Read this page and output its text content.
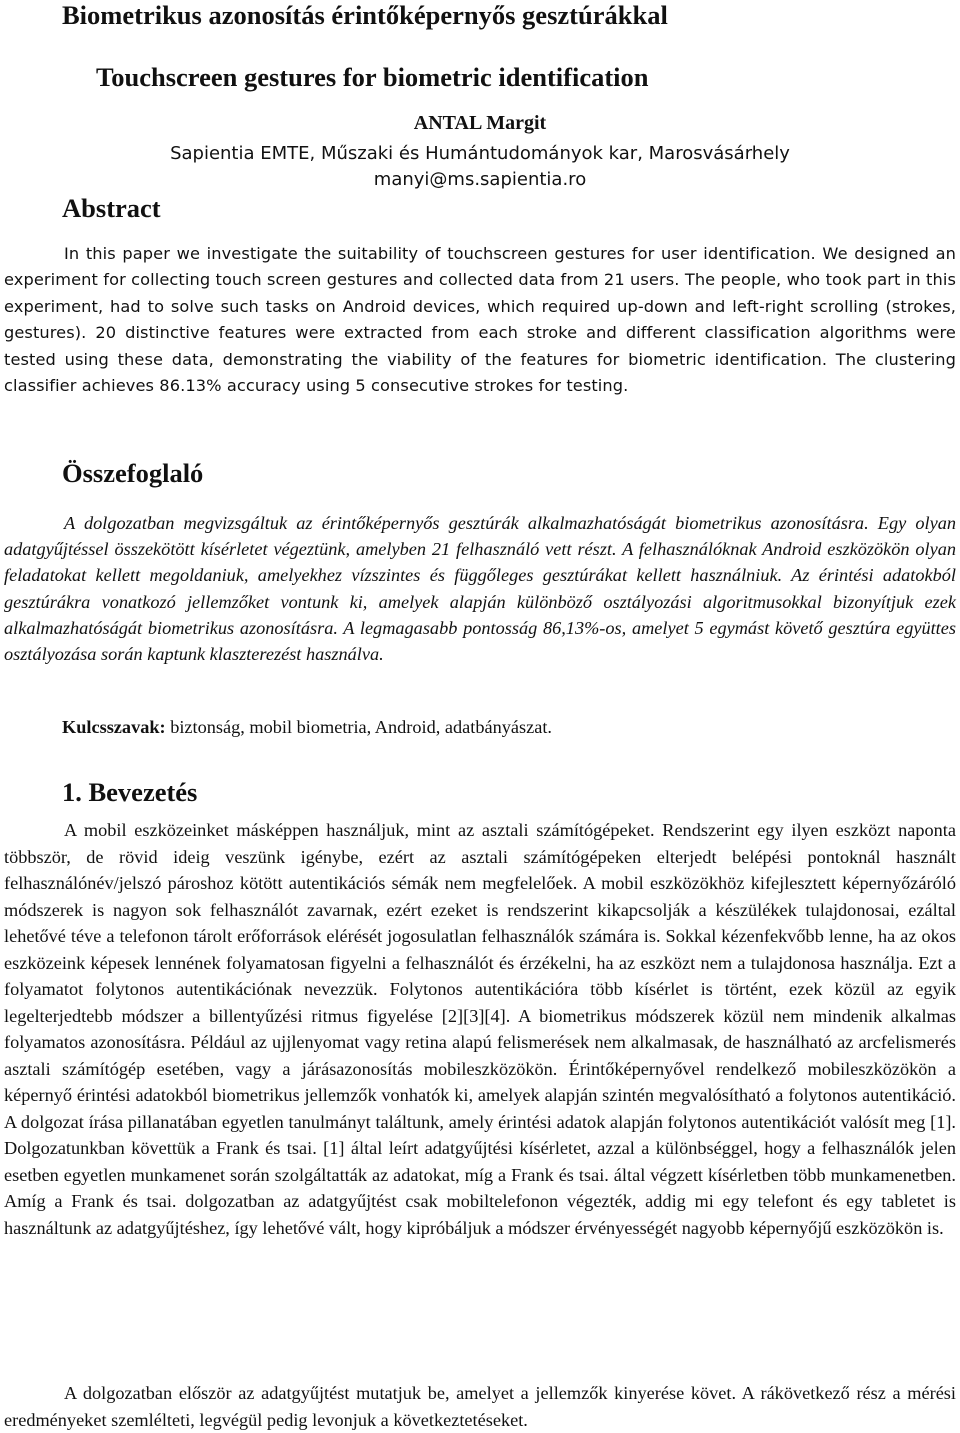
Biometrikus azonosítás érintőképernyős gesztúrákkal
Touchscreen gestures for biometric identification
ANTAL Margit
Sapientia EMTE, Műszaki és Humántudományok kar, Marosvásárhely
manyi@ms.sapientia.ro
Abstract

In this paper we investigate the suitability of touchscreen gestures for user identification. We designed an experiment for collecting touch screen gestures and collected data from 21 users. The people, who took part in this experiment, had to solve such tasks on Android devices, which required up-down and left-right scrolling (strokes, gestures). 20 distinctive features were extracted from each stroke and different classification algorithms were tested using these data, demonstrating the viability of the features for biometric identification. The clustering classifier achieves 86.13% accuracy using 5 consecutive strokes for testing.

Összefoglaló

A dolgozatban megvizsgáltuk az érintőképernyős gesztúrák alkalmazhatóságát biometrikus azonosításra. Egy olyan adatgyűjtéssel összekötött kísérletet végeztünk, amelyben 21 felhasználó vett részt. A felhasználóknak Android eszközökön olyan feladatokat kellett megoldaniuk, amelyekhez vízszintes és függőleges gesztúrákat kellett használniuk. Az érintési adatokból gesztúrákra vonatkozó jellemzőket vontunk ki, amelyek alapján különböző osztályozási algoritmusokkal bizonyítjuk ezek alkalmazhatóságát biometrikus azonosításra. A legmagasabb pontosság 86,13%-os, amelyet 5 egymást követő gesztúra együttes osztályozása során kaptunk klaszterezést használva.

Kulcsszavak: biztonság, mobil biometria, Android, adatbányászat.
1. Bevezetés

A mobil eszközeinket másképpen használjuk, mint az asztali számítógépeket. Rendszerint egy ilyen eszközt naponta többször, de rövid ideig veszünk igénybe, ezért az asztali számítógépeken elterjedt belépési pontoknál használt felhasználónév/jelszó pároshoz kötött autentikációs sémák nem megfelelőek. A mobil eszközökhöz kifejlesztett képernyőzáróló módszerek is nagyon sok felhasználót zavarnak, ezért ezeket is rendszerint kikapcsolják a készülékek tulajdonosai, ezáltal lehetővé téve a telefonon tárolt erőforrások elérését jogosulatlan felhasználók számára is. Sokkal kézenfekvőbb lenne, ha az okos eszközeink képesek lennének folyamatosan figyelni a felhasználót és érzékelni, ha az eszközt nem a tulajdonosa használja. Ezt a folyamatot folytonos autentikációnak nevezzük. Folytonos autentikációra több kísérlet is történt, ezek közül az egyik legelterjedtebb módszer a billentyűzési ritmus figyelése [2][3][4]. A biometrikus módszerek közül nem mindenik alkalmas folyamatos azonosításra. Például az ujjlenyomat vagy retina alapú felismerések nem alkalmasak, de használható az arcfelismerés asztali számítógép esetében, vagy a járásazonosítás mobileszközökön. Érintőképernyővel rendelkező mobileszközökön a képernyő érintési adatokból biometrikus jellemzők vonhatók ki, amelyek alapján szintén megvalósítható a folytonos autentikáció. A dolgozat írása pillanatában egyetlen tanulmányt találtunk, amely érintési adatok alapján folytonos autentikációt valósít meg [1]. Dolgozatunkban követtük a Frank és tsai. [1] által leírt adatgyűjtési kísérletet, azzal a különbséggel, hogy a felhasználók jelen esetben egyetlen munkamenet során szolgáltatták az adatokat, míg a Frank és tsai. által végzett kísérletben több munkamenetben. Amíg a Frank és tsai. dolgozatban az adatgyűjtést csak mobiltelefonon végezték, addig mi egy telefont és egy tabletet is használtunk az adatgyűjtéshez, így lehetővé vált, hogy kipróbáljuk a módszer érvényességét nagyobb képernyőjű eszközökön is.

A dolgozatban először az adatgyűjtést mutatjuk be, amelyet a jellemzők kinyerése követ. A rákövetkező rész a mérési eredményeket szemlélteti, legvégül pedig levonjuk a következtetéseket.
